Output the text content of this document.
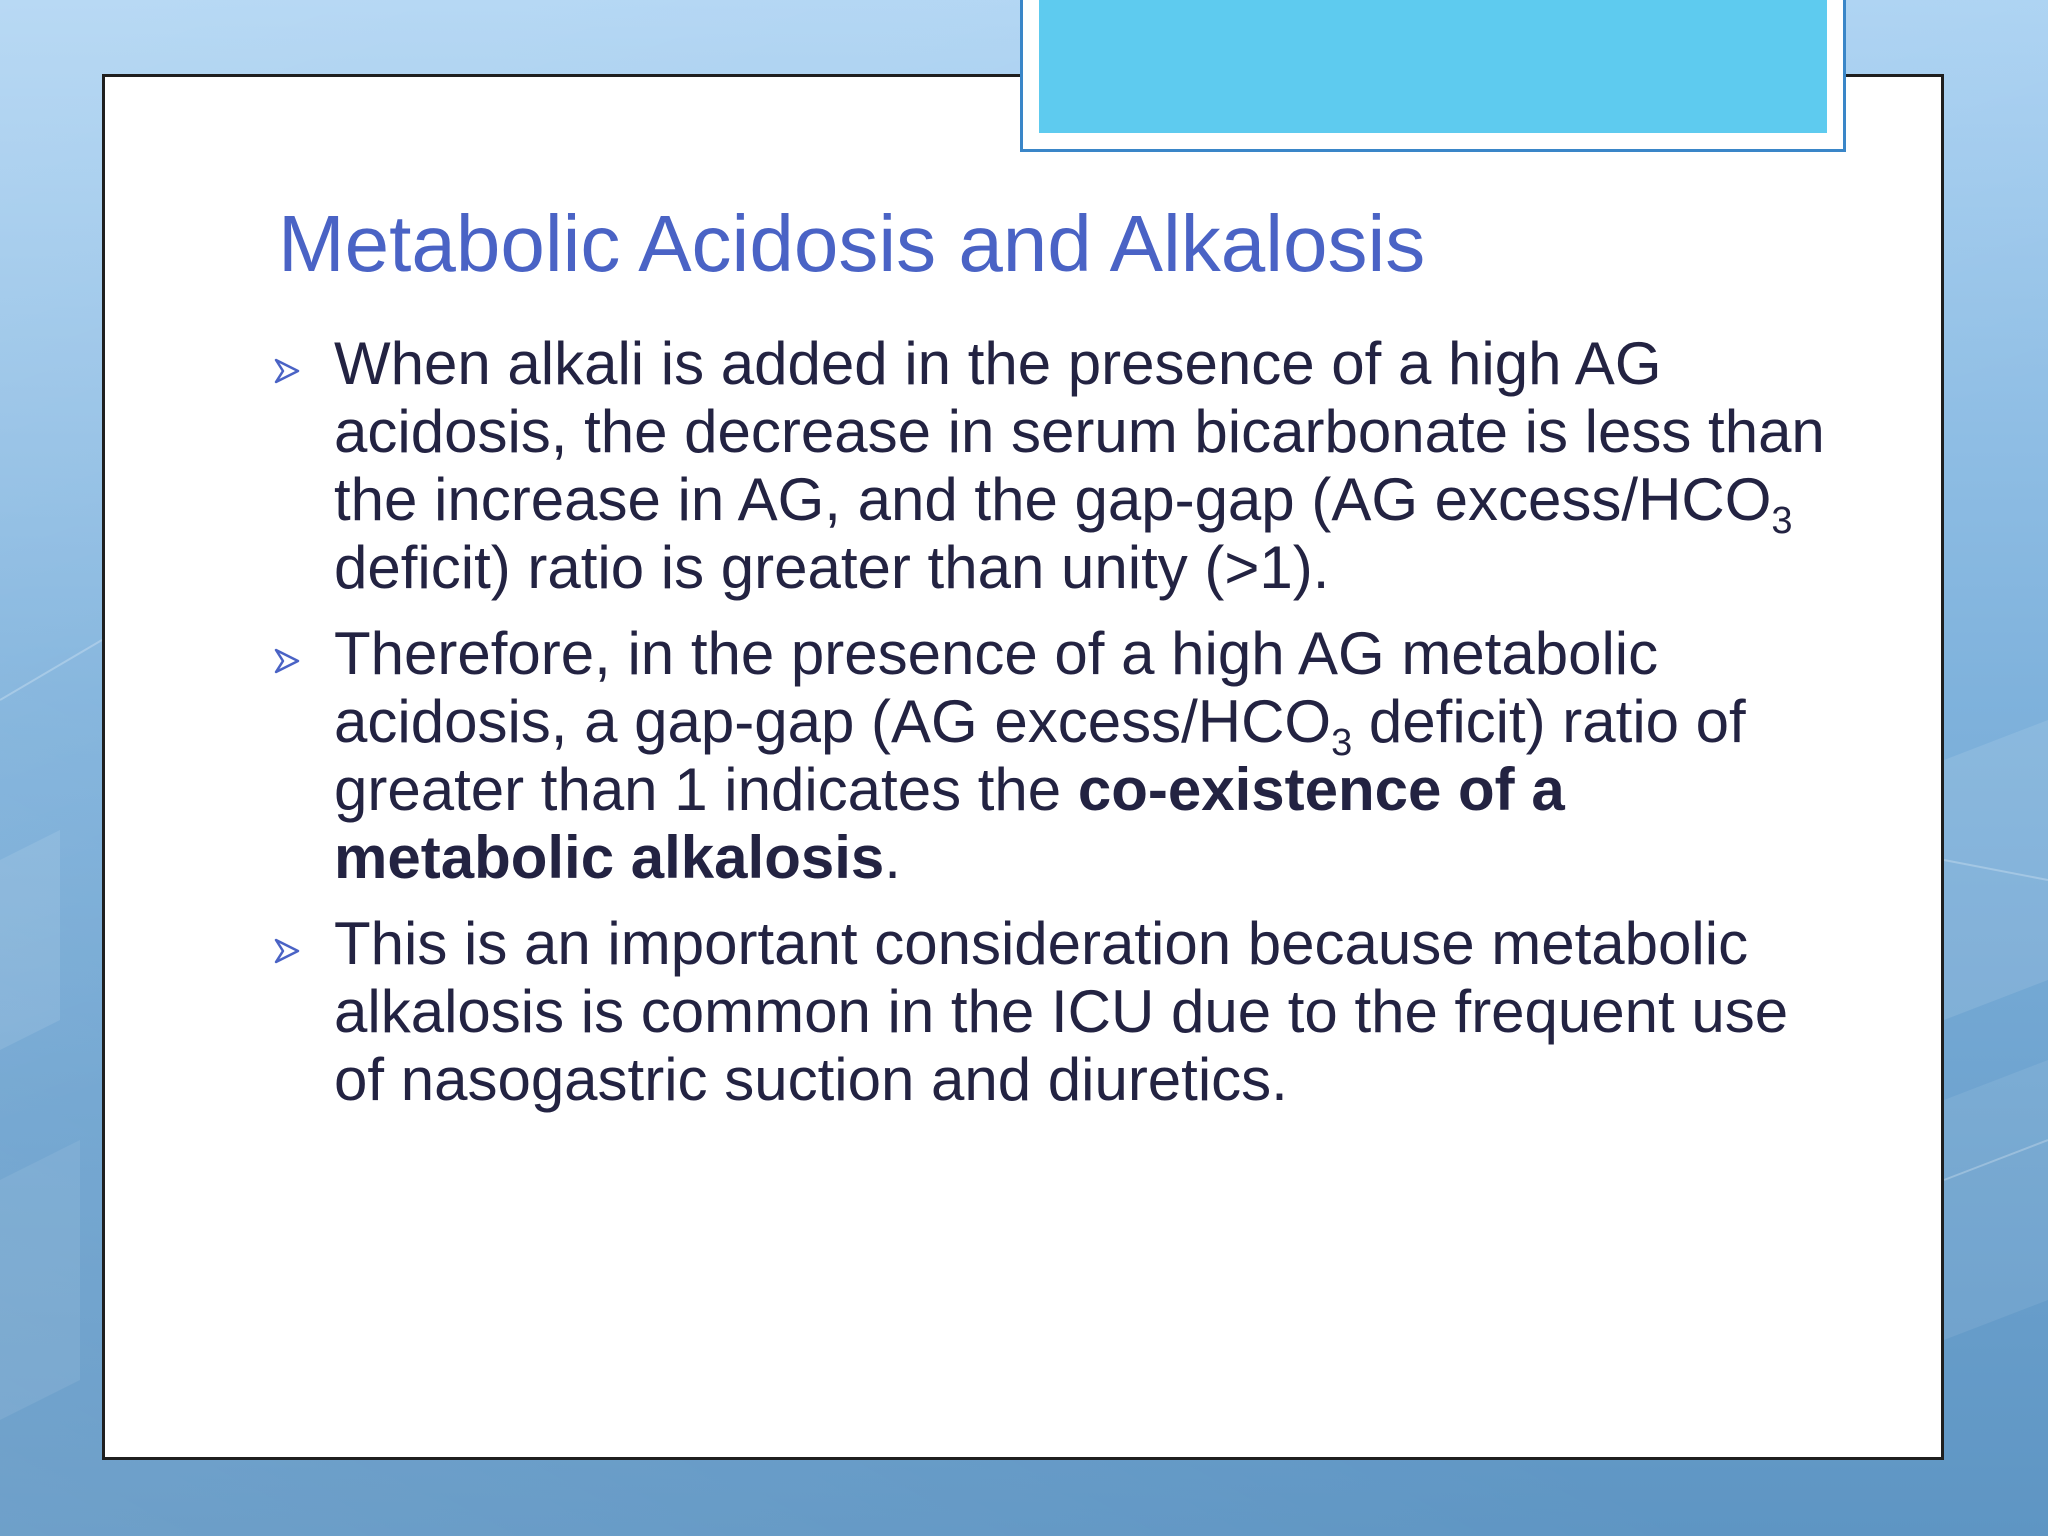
Metabolic Acidosis and Alkalosis
When alkali is added in the presence of a high AG acidosis, the decrease in serum bicarbonate is less than the increase in AG, and the gap-gap (AG excess/$HCO_3$ deficit) ratio is greater than unity (>1).
Therefore, in the presence of a high AG metabolic acidosis, a gap-gap (AG excess/$HCO_3$ deficit) ratio of greater than 1 indicates the co-existence of a metabolic alkalosis.
This is an important consideration because metabolic alkalosis is common in the ICU due to the frequent use of nasogastric suction and diuretics.
